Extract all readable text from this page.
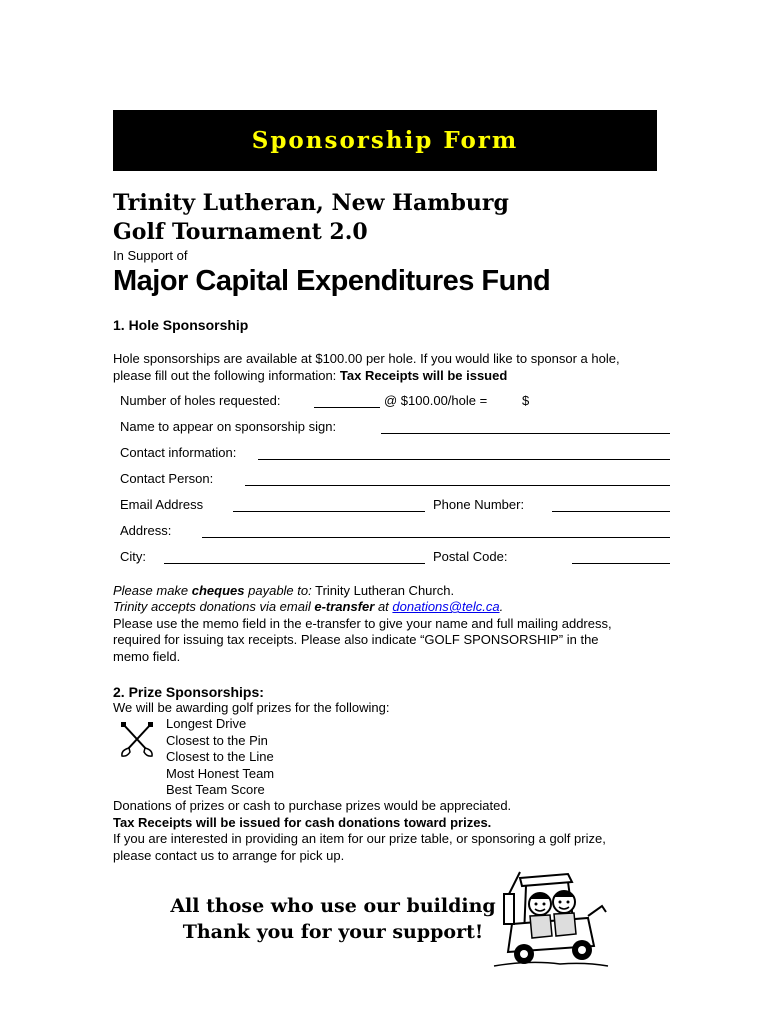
Sponsorship Form
Trinity Lutheran, New Hamburg
Golf Tournament 2.0
In Support of
Major Capital Expenditures Fund
1. Hole Sponsorship
Hole sponsorships are available at $100.00 per hole. If you would like to sponsor a hole,
please fill out the following information: Tax Receipts will be issued
Number of holes requested:	@ $100.00/hole =	$
Name to appear on sponsorship sign:
Contact information:
Contact Person:
Email Address	Phone Number:
Address:
City:	Postal Code:
Please make cheques payable to: Trinity Lutheran Church.
Trinity accepts donations via email e-transfer at donations@telc.ca.
Please use the memo field in the e-transfer to give your name and full mailing address,
required for issuing tax receipts. Please also indicate “GOLF SPONSORSHIP” in the
memo field.
2. Prize Sponsorships:
We will be awarding golf prizes for the following:
Longest Drive
Closest to the Pin
Closest to the Line
Most Honest Team
Best Team Score
Donations of prizes or cash to purchase prizes would be appreciated.
Tax Receipts will be issued for cash donations toward prizes.
If you are interested in providing an item for our prize table, or sponsoring a golf prize,
please contact us to arrange for pick up.
All those who use our building
Thank you for your support!
